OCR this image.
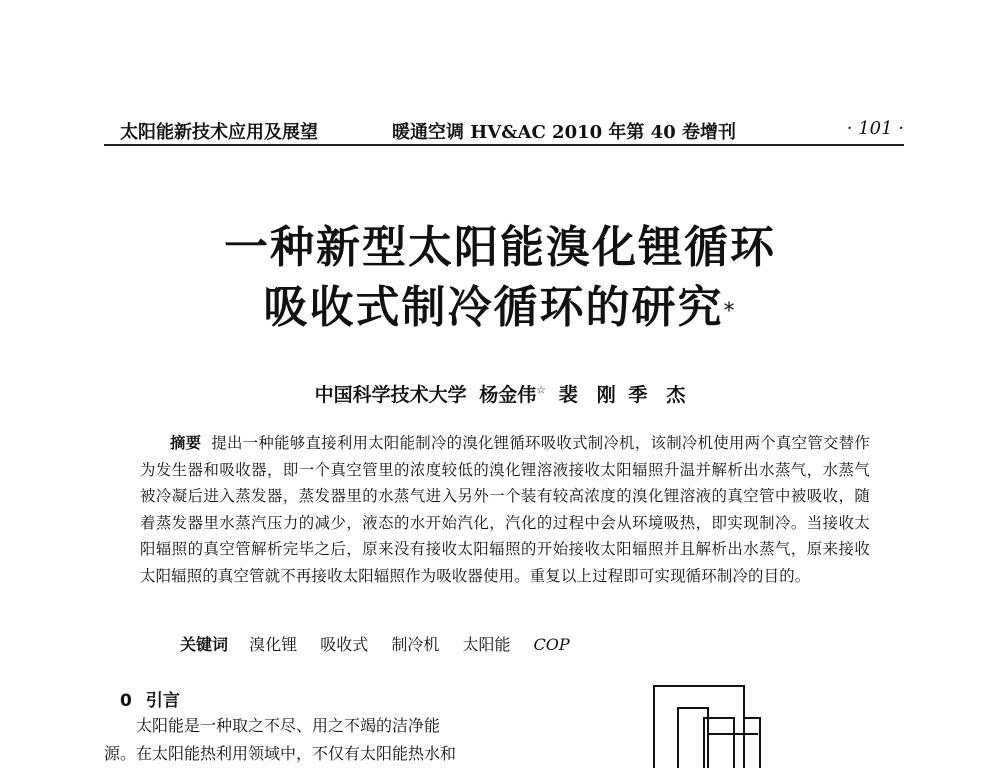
太阳能新技术应用及展望	暖通空调 HV&AC 2010 年第 40 卷增刊	· 101 ·
一种新型太阳能溴化锂循环
吸收式制冷循环的研究*
中国科学技术大学 杨金伟☆ 裴　刚 季　杰
摘要 提出一种能够直接利用太阳能制冷的溴化锂循环吸收式制冷机，该制冷机使用两个真空管交替作为发生器和吸收器，即一个真空管里的浓度较低的溴化锂溶液接收太阳辐照升温并解析出水蒸气，水蒸气被冷凝后进入蒸发器，蒸发器里的水蒸气进入另外一个装有较高浓度的溴化锂溶液的真空管中被吸收，随着蒸发器里水蒸汽压力的减少，液态的水开始汽化，汽化的过程中会从环境吸热，即实现制冷。当接收太阳辐照的真空管解析完毕之后，原来没有接收太阳辐照的开始接收太阳辐照并且解析出水蒸气，原来接收太阳辐照的真空管就不再接收太阳辐照作为吸收器使用。重复以上过程即可实现循环制冷的目的。
关键词 溴化锂 吸收式 制冷机 太阳能 COP
0 引言

太阳能是一种取之不尽、用之不竭的洁净能

源。在太阳能热利用领域中，不仅有太阳能热水和
